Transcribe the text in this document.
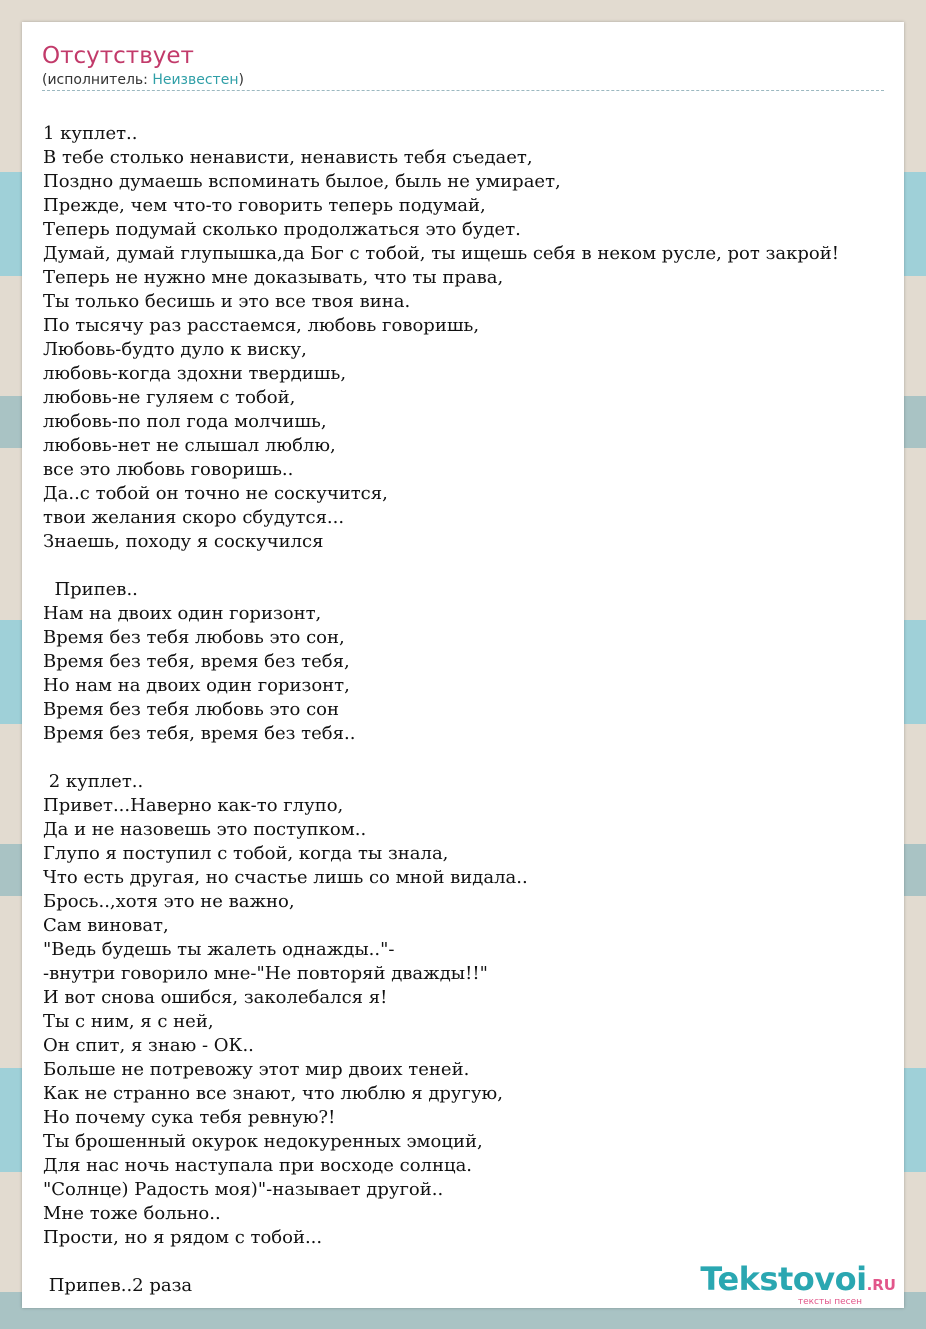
Отсутствует
(исполнитель: Неизвестен)
1 куплет..
В тебе столько ненависти, ненависть тебя съедает,
Поздно думаешь вспоминать былое, быль не умирает,
Прежде, чем что-то говорить теперь подумай,
Теперь подумай сколько продолжаться это будет.
Думай, думай глупышка,да Бог с тобой, ты ищешь себя в неком русле, рот закрой!
Теперь не нужно мне доказывать, что ты права,
Ты только бесишь и это все твоя вина.
По тысячу раз расстаемся, любовь говоришь,
Любовь-будто дуло к виску,
любовь-когда здохни твердишь,
любовь-не гуляем с тобой,
любовь-по пол года молчишь,
любовь-нет не слышал люблю,
все это любовь говоришь..
Да..с тобой он точно не соскучится,
твои желания скоро сбудутся...
Знаешь, походу я соскучился
Припев..
Нам на двоих один горизонт,
Время без тебя любовь это сон,
Время без тебя, время без тебя,
Но нам на двоих один горизонт,
Время без тебя любовь это сон
Время без тебя, время без тебя..
2 куплет..
Привет...Наверно как-то глупо,
Да и не назовешь это поступком..
Глупо я поступил с тобой, когда ты знала,
Что есть другая, но счастье лишь со мной видала..
Брось..,хотя это не важно,
Сам виноват,
"Ведь будешь ты жалеть однажды.."-
-внутри говорило мне-"Не повторяй дважды!!"
И вот снова ошибся, заколебался я!
Ты с ним, я с ней,
Он спит, я знаю - ОК..
Больше не потревожу этот мир двоих теней.
Как не странно все знают, что люблю я другую,
Но почему сука тебя ревную?!
Ты брошенный окурок недокуренных эмоций,
Для нас ночь наступала при восходе солнца.
"Солнце) Радость моя)"-называет другой..
Мне тоже больно..
Прости, но я рядом с тобой...
Припев..2 раза	Tekstovoi.RU
тексты песен
